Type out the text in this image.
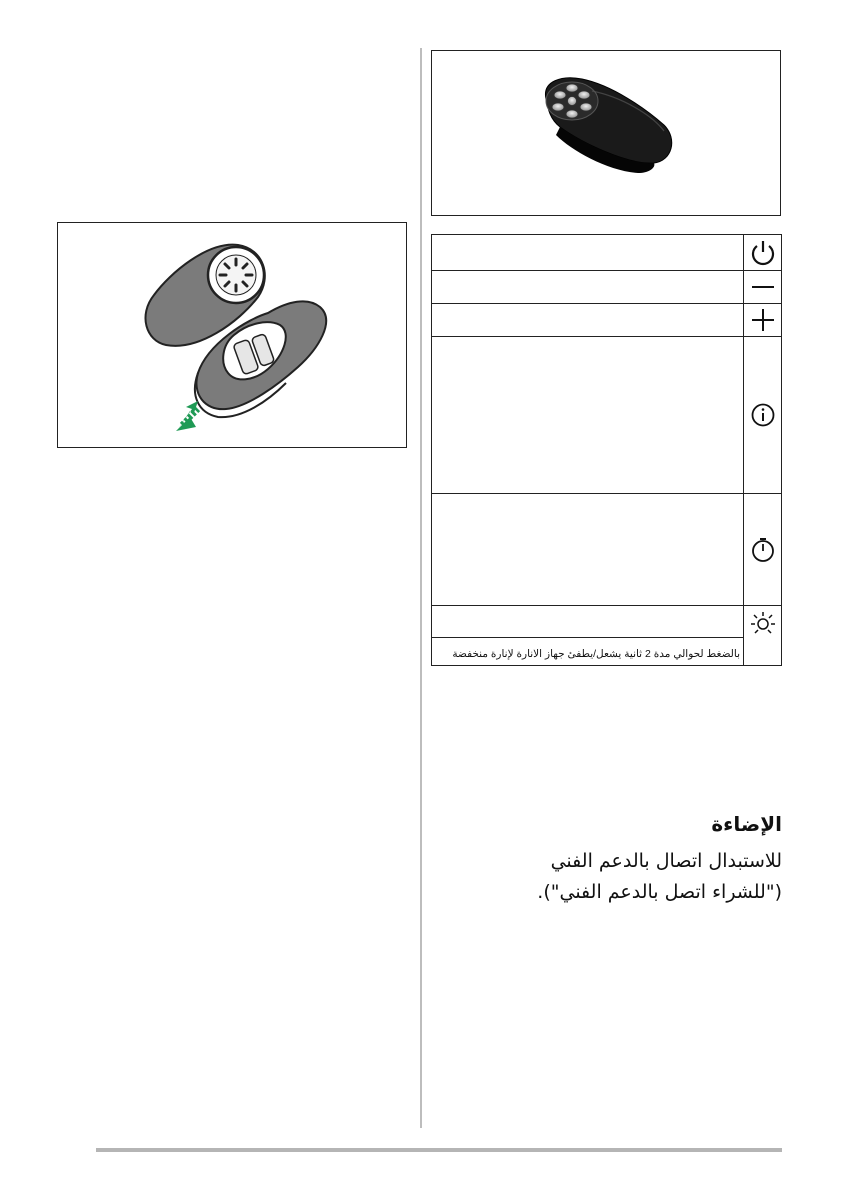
بالضغط لحوالي مدة 2 ثانية يشعل/يطفئ جهاز الانارة لإنارة منخفضة	
الإضاءة

للاستبدال اتصال بالدعم الفني
("للشراء اتصل بالدعم الفني").
